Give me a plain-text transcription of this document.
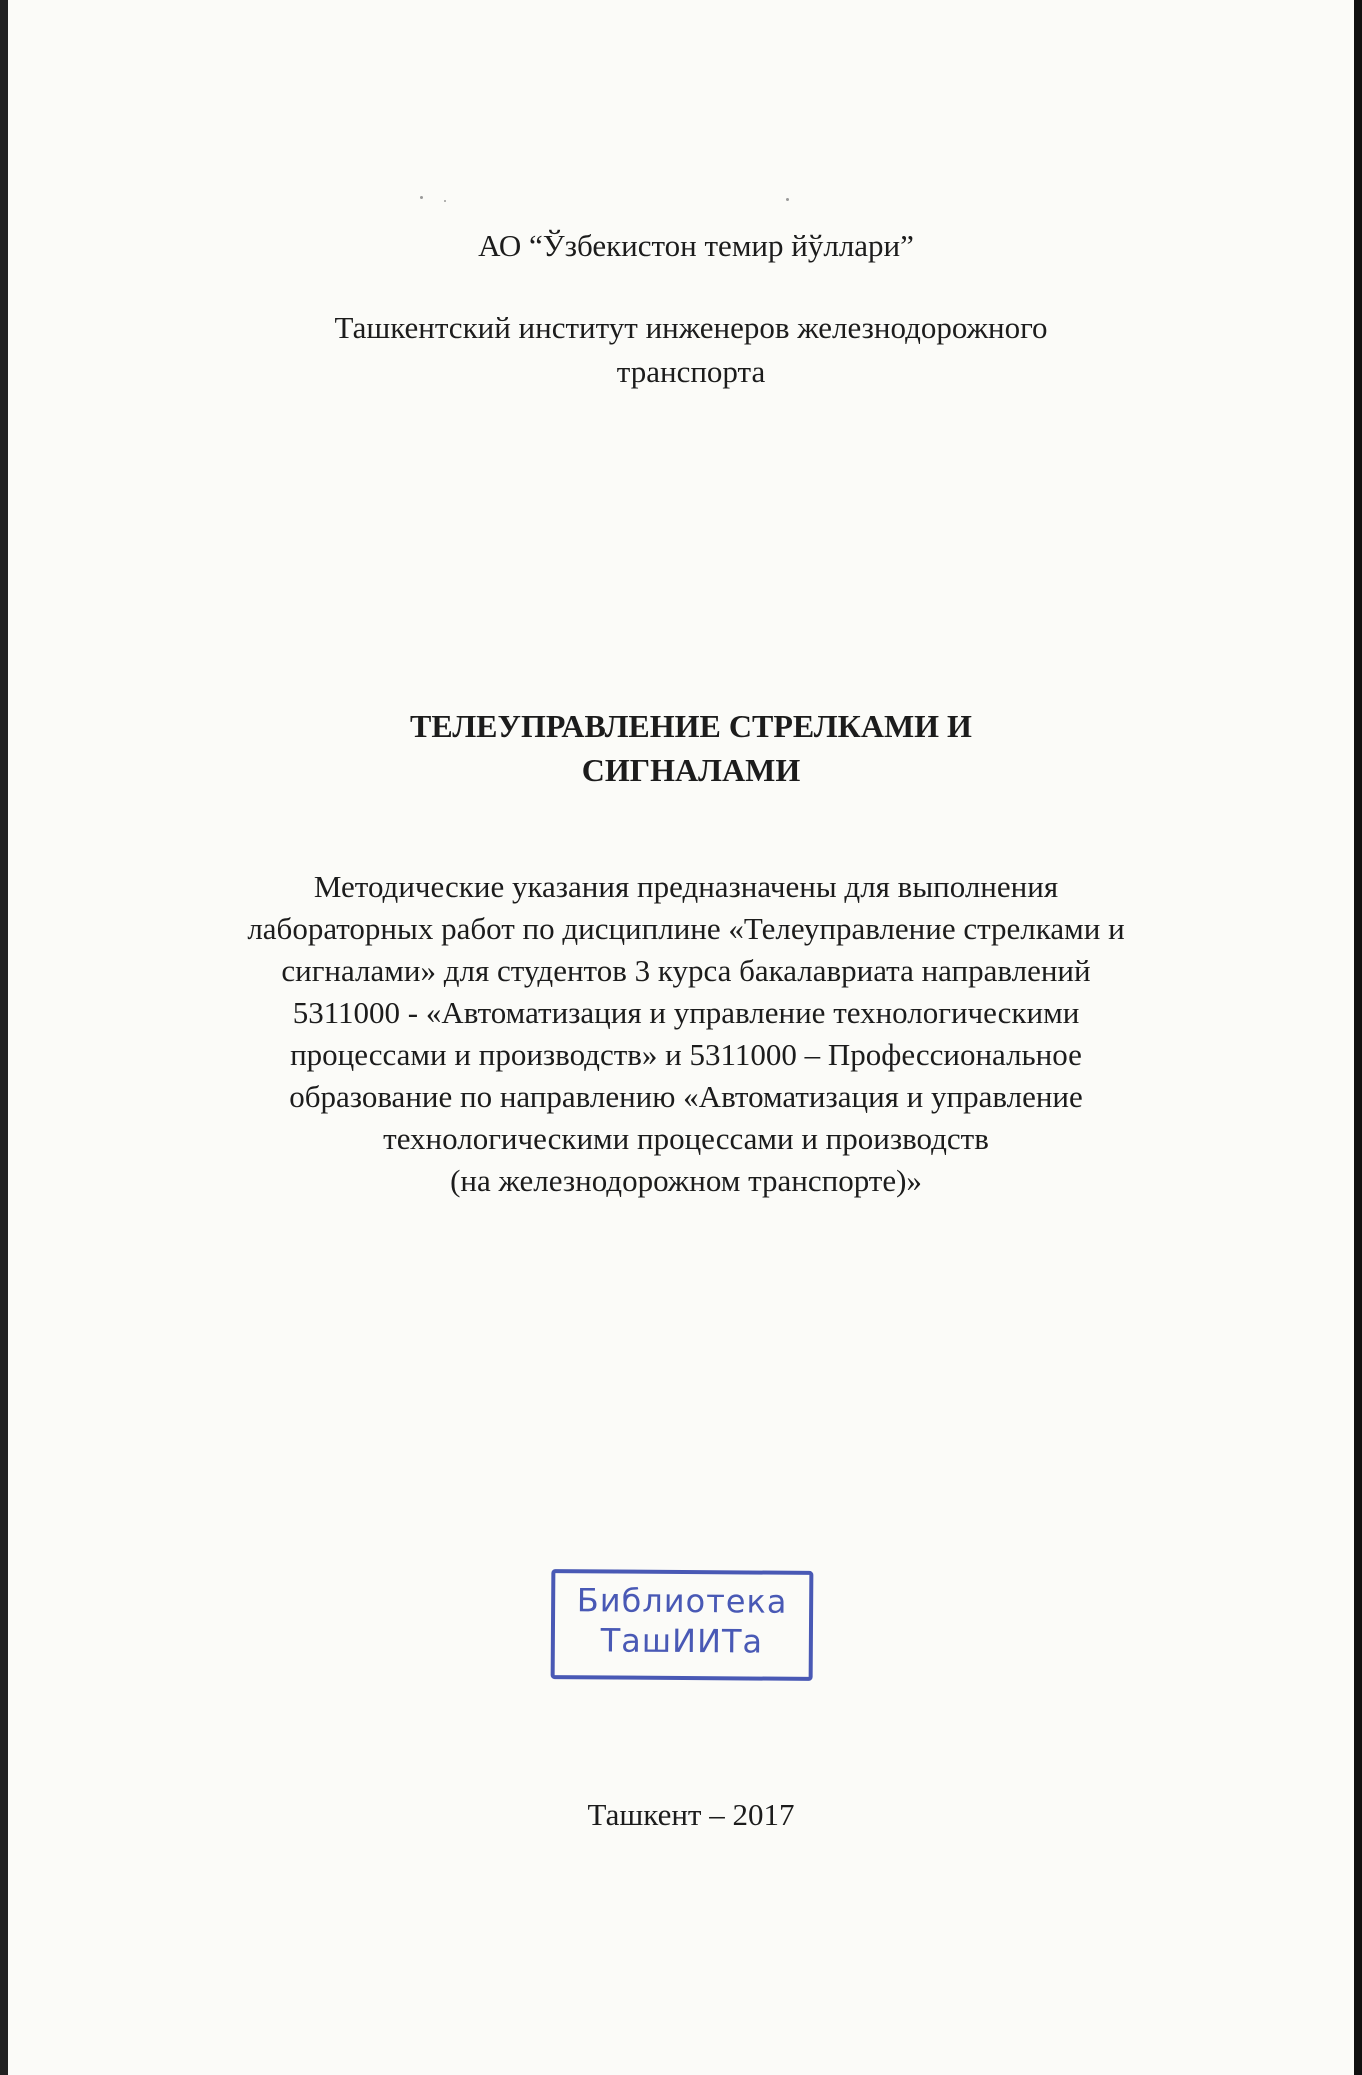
АО “Ўзбекистон темир йўллари”
Ташкентский институт инженеров железнодорожного
транспорта
ТЕЛЕУПРАВЛЕНИЕ СТРЕЛКАМИ И
СИГНАЛАМИ
Методические указания предназначены для выполнения
лабораторных работ по дисциплине «Телеуправление стрелками и
сигналами» для студентов 3 курса бакалавриата направлений
5311000 - «Автоматизация и управление технологическими
процессами и производств» и 5311000 – Профессиональное
образование по направлению «Автоматизация и управление
технологическими процессами и производств
(на железнодорожном транспорте)»
Библиотека
ТашИИТа
Ташкент – 2017
